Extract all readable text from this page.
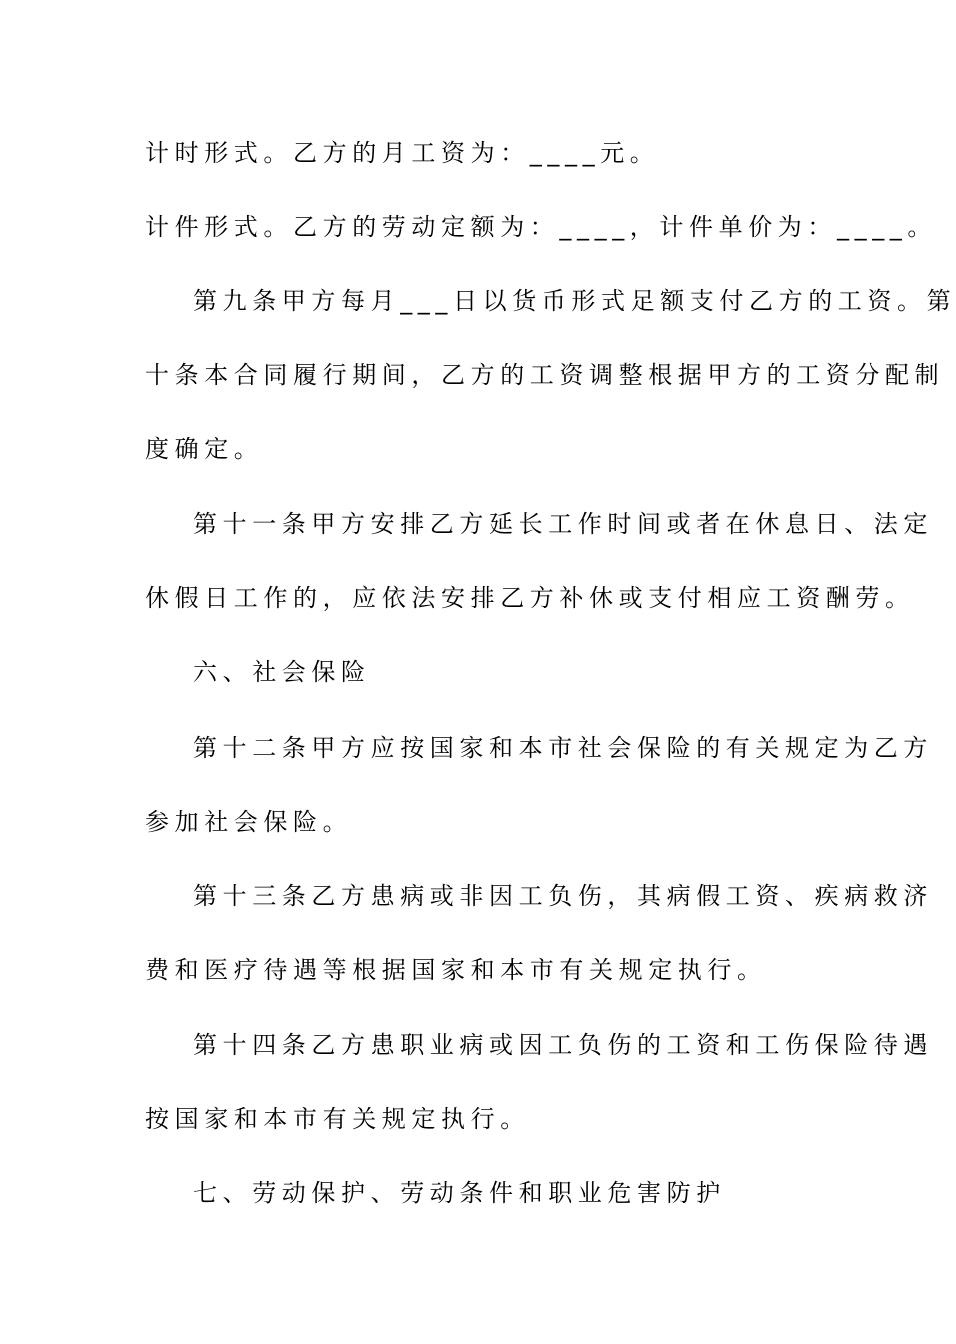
计时形式。乙方的月工资为：____元。
计件形式。乙方的劳动定额为：____，计件单价为：____。
第九条甲方每月___日以货币形式足额支付乙方的工资。第
十条本合同履行期间，乙方的工资调整根据甲方的工资分配制
度确定。
第十一条甲方安排乙方延长工作时间或者在休息日、法定
休假日工作的，应依法安排乙方补休或支付相应工资酬劳。
六、社会保险
第十二条甲方应按国家和本市社会保险的有关规定为乙方
参加社会保险。
第十三条乙方患病或非因工负伤，其病假工资、疾病救济
费和医疗待遇等根据国家和本市有关规定执行。
第十四条乙方患职业病或因工负伤的工资和工伤保险待遇
按国家和本市有关规定执行。
七、劳动保护、劳动条件和职业危害防护
